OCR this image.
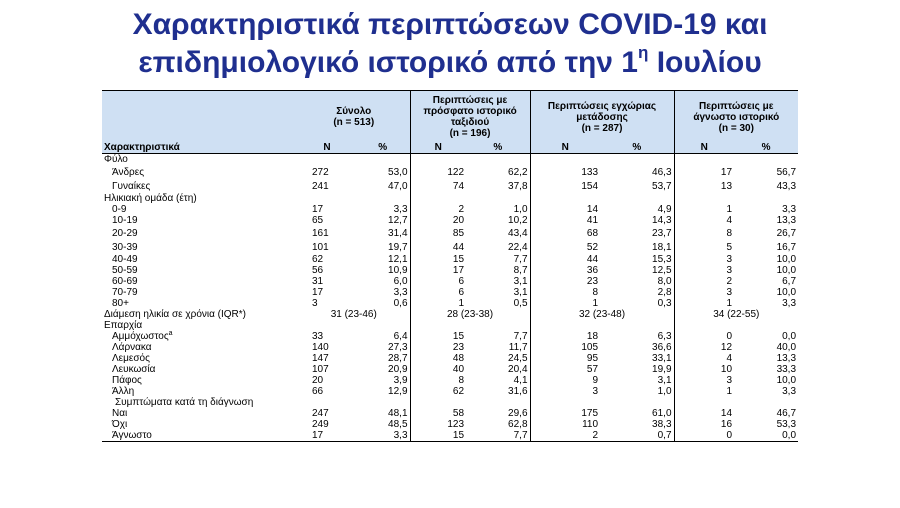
Χαρακτηριστικά περιπτώσεων COVID-19 και
επιδημιολογικό ιστορικό από την $1^\eta$ Ιουλίου
	Σύνολο
(n = 513)		Περιπτώσεις με
πρόσφατο ιστορικό
ταξιδιού
(n = 196)		Περιπτώσεις εγχώριας
μετάδοσης
(n = 287)		Περιπτώσεις με
άγνωστο ιστορικό
(n = 30)	
Χαρακτηριστικά	N	%	N	%	N	%	N	%
Φύλο								
Άνδρες	272	53,0	122	62,2	133	46,3	17	56,7
Γυναίκες	241	47,0	74	37,8	154	53,7	13	43,3
Ηλικιακή ομάδα (έτη)								
0-9	17	3,3	2	1,0	14	4,9	1	3,3
10-19	65	12,7	20	10,2	41	14,3	4	13,3
20-29	161	31,4	85	43,4	68	23,7	8	26,7
30-39	101	19,7	44	22,4	52	18,1	5	16,7
40-49	62	12,1	15	7,7	44	15,3	3	10,0
50-59	56	10,9	17	8,7	36	12,5	3	10,0
60-69	31	6,0	6	3,1	23	8,0	2	6,7
70-79	17	3,3	6	3,1	8	2,8	3	10,0
80+	3	0,6	1	0,5	1	0,3	1	3,3
Διάμεση ηλικία σε χρόνια (IQR*)	31 (23-46)		28 (23-38)		32 (23-48)		34 (22-55)	
Επαρχία								
Αμμόχωστος$^a$	33	6,4	15	7,7	18	6,3	0	0,0
Λάρνακα	140	27,3	23	11,7	105	36,6	12	40,0
Λεμεσός	147	28,7	48	24,5	95	33,1	4	13,3
Λευκωσία	107	20,9	40	20,4	57	19,9	10	33,3
Πάφος	20	3,9	8	4,1	9	3,1	3	10,0
Άλλη	66	12,9	62	31,6	3	1,0	1	3,3
Συμπτώματα κατά τη διάγνωση								
Ναι	247	48,1	58	29,6	175	61,0	14	46,7
Όχι	249	48,5	123	62,8	110	38,3	16	53,3
Άγνωστο	17	3,3	15	7,7	2	0,7	0	0,0
